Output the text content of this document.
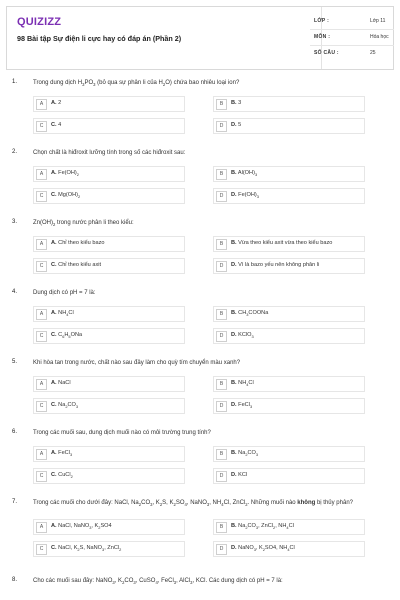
QUIZIZZ
98 Bài tập Sự điện li cực hay có đáp án (Phần 2)
LỚP :	Lớp 11
MÔN :	Hóa học
SỐ CÂU :	25
1.	Trong dung dịch $H_3PO_3$ (bỏ qua sự phân li của $H_2O$) chứa bao nhiêu loại ion?
A	A. 2	B	B. 3
C	C. 4	D	D. 5
2.	Chọn chất là hiđroxit lưỡng tính trong số các hiđroxit sau:
A	A. $Fe(OH)_2$	B	B. $Al(OH)_3$
C	C. $Mg(OH)_2$	D	D. $Fe(OH)_3$
3.	$Zn(OH)_2$ trong nước phân li theo kiểu:
A	A. Chỉ theo kiểu bazo	B	B. Vừa theo kiểu axit vừa theo kiểu bazo
C	C. Chỉ theo kiểu axit	D	D. Vì là bazo yếu nên không phân li
4.	Dung dịch có pH = 7 là:
A	A. $NH_4Cl$	B	B. $CH_3COONa$
C	C. $C_6H_5ONa$	D	D. KClO$_3$
5.	Khi hòa tan trong nước, chất nào sau đây làm cho quỳ tím chuyển màu xanh?
A	A. NaCl	B	B. $NH_4Cl$
C	C. $Na_2CO_3$	D	D. FeCl$_3$
6.	Trong các muối sau, dung dịch muối nào có môi trường trung tính?
A	A. FeCl$_3$	B	B. $Na_2CO_3$
C	C. CuCl$_2$	D	D. KCl
7.	Trong các muối cho dưới đây: NaCl, $Na_2CO_3$, $K_2S$, $K_2SO_4$, NaNO$_3$, $NH_4Cl$, ZnCl$_2$. Những muối nào không bị thủy phân?
A	A. NaCl, NaNO$_3$, $K_2SO4$	B	B. $Na_2CO_3$, ZnCl$_2$, $NH_4Cl$
C	C. NaCl, $K_2S$, NaNO$_3$, ZnCl$_2$	D	D. NaNO$_3$, $K_2SO4$, $NH_4Cl$
8.	Cho các muối sau đây: NaNO$_3$, $K_2CO_3$, CuSO$_4$, FeCl$_3$, AlCl$_3$, KCl. Các dung dịch có pH = 7 là:
